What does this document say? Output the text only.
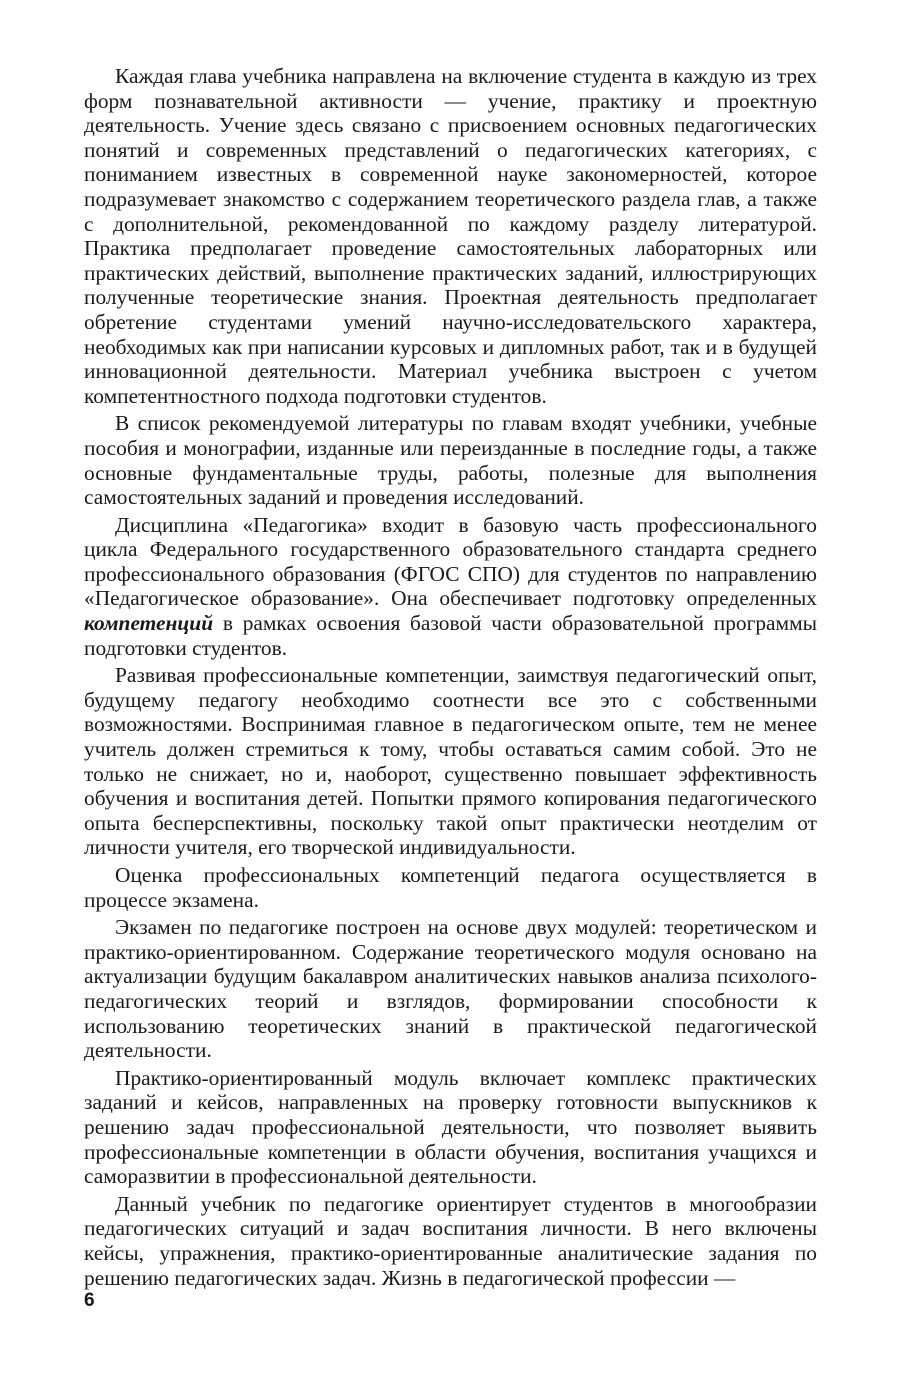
Каждая глава учебника направлена на включение студента в каждую из трех форм познавательной активности — учение, практику и проектную деятельность. Учение здесь связано с присвоением основных педагогических понятий и современных представлений о педагогических категориях, с пониманием известных в современной науке закономерностей, которое подразумевает знакомство с содержанием теоретического раздела глав, а также с дополнительной, рекомендованной по каждому разделу литературой. Практика предполагает проведение самостоятельных лабораторных или практических действий, выполнение практических заданий, иллюстрирующих полученные теоретические знания. Проектная деятельность предполагает обретение студентами умений научно-исследовательского характера, необходимых как при написании курсовых и дипломных работ, так и в будущей инновационной деятельности. Материал учебника выстроен с учетом компетентностного подхода подготовки студентов.

В список рекомендуемой литературы по главам входят учебники, учебные пособия и монографии, изданные или переизданные в последние годы, а также основные фундаментальные труды, работы, полезные для выполнения самостоятельных заданий и проведения исследований.

Дисциплина «Педагогика» входит в базовую часть профессионального цикла Федерального государственного образовательного стандарта среднего профессионального образования (ФГОС СПО) для студентов по направлению «Педагогическое образование». Она обеспечивает подготовку определенных компетенций в рамках освоения базовой части образовательной программы подготовки студентов.

Развивая профессиональные компетенции, заимствуя педагогический опыт, будущему педагогу необходимо соотнести все это с собственными возможностями. Воспринимая главное в педагогическом опыте, тем не менее учитель должен стремиться к тому, чтобы оставаться самим собой. Это не только не снижает, но и, наоборот, существенно повышает эффективность обучения и воспитания детей. Попытки прямого копирования педагогического опыта бесперспективны, поскольку такой опыт практически неотделим от личности учителя, его творческой индивидуальности.

Оценка профессиональных компетенций педагога осуществляется в процессе экзамена.

Экзамен по педагогике построен на основе двух модулей: теоретическом и практико-ориентированном. Содержание теоретического модуля основано на актуализации будущим бакалавром аналитических навыков анализа психолого-педагогических теорий и взглядов, формировании способности к использованию теоретических знаний в практической педагогической деятельности.

Практико-ориентированный модуль включает комплекс практических заданий и кейсов, направленных на проверку готовности выпускников к решению задач профессиональной деятельности, что позволяет выявить профессиональные компетенции в области обучения, воспитания учащихся и саморазвитии в профессиональной деятельности.

Данный учебник по педагогике ориентирует студентов в многообразии педагогических ситуаций и задач воспитания личности. В него включены кейсы, упражнения, практико-ориентированные аналитические задания по решению педагогических задач. Жизнь в педагогической профессии —

6
